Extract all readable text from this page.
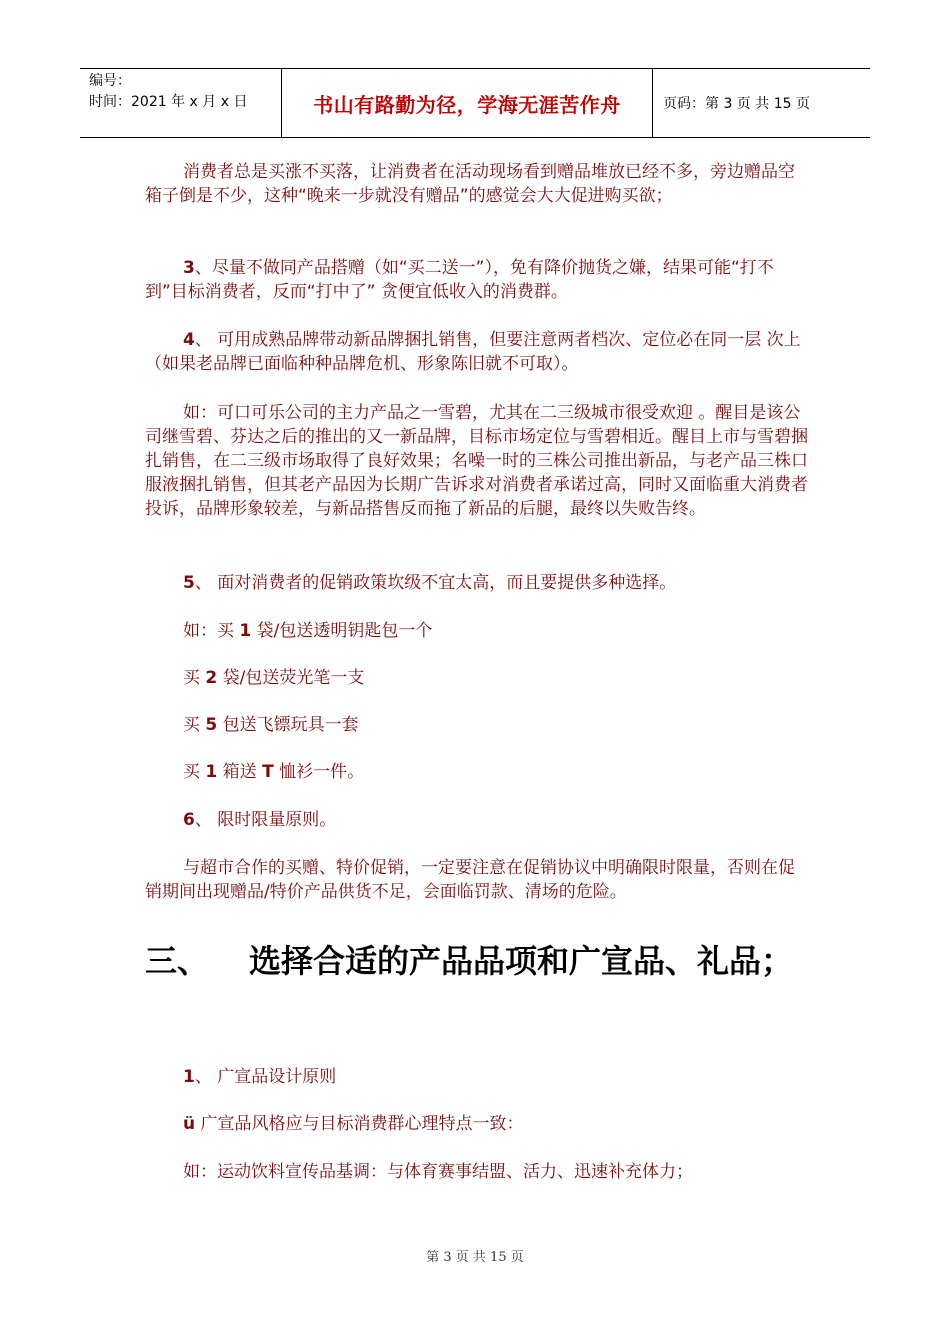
编号：
时间：2021 年 x 月 x 日	书山有路勤为径，学海无涯苦作舟	页码：第 3 页 共 15 页
消费者总是买涨不买落，让消费者在活动现场看到赠品堆放已经不多，旁边赠品空箱子倒是不少，这种“晚来一步就没有赠品”的感觉会大大促进购买欲；
3、尽量不做同产品搭赠（如“买二送一”），免有降价抛货之嫌，结果可能“打不到”目标消费者，反而“打中了” 贪便宜低收入的消费群。
4、 可用成熟品牌带动新品牌捆扎销售，但要注意两者档次、定位必在同一层 次上（如果老品牌已面临种种品牌危机、形象陈旧就不可取）。
如：可口可乐公司的主力产品之一雪碧，尤其在二三级城市很受欢迎 。醒目是该公司继雪碧、芬达之后的推出的又一新品牌，目标市场定位与雪碧相近。醒目上市与雪碧捆扎销售，在二三级市场取得了良好效果；名噪一时的三株公司推出新品，与老产品三株口服液捆扎销售，但其老产品因为长期广告诉求对消费者承诺过高，同时又面临重大消费者投诉，品牌形象较差，与新品搭售反而拖了新品的后腿，最终以失败告终。
5、 面对消费者的促销政策坎级不宜太高，而且要提供多种选择。
如：买 1 袋/包送透明钥匙包一个
买 2 袋/包送荧光笔一支
买 5 包送飞镖玩具一套
买 1 箱送 T 恤衫一件。
6、 限时限量原则。
与超市合作的买赠、特价促销，一定要注意在促销协议中明确限时限量，否则在促销期间出现赠品/特价产品供货不足，会面临罚款、清场的危险。
三、 选择合适的产品品项和广宣品、礼品；
1、 广宣品设计原则
ü 广宣品风格应与目标消费群心理特点一致：
如：运动饮料宣传品基调：与体育赛事结盟、活力、迅速补充体力；
第 3 页 共 15 页
